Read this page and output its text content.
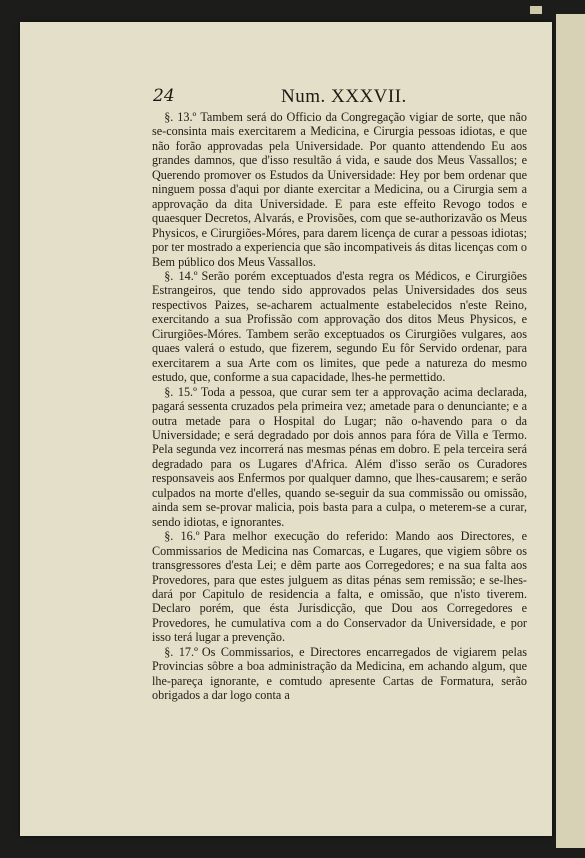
24	Num. XXXVII.

§. 13.º Tambem será do Officio da Congregação vigiar de sorte, que não se-consinta mais exercitarem a Medicina, e Cirurgia pessoas idiotas, e que não forão approvadas pela Universidade. Por quanto attendendo Eu aos grandes damnos, que d'isso resultão á vida, e saude dos Meus Vassallos; e Querendo promover os Estudos da Universidade: Hey por bem ordenar que ninguem possa d'aqui por diante exercitar a Medicina, ou a Cirurgia sem a approvação da dita Universidade. E para este effeito Revogo todos e quaesquer Decretos, Alvarás, e Provisões, com que se-authorizavão os Meus Physicos, e Cirurgiões-Móres, para darem licença de curar a pessoas idiotas; por ter mostrado a experiencia que são incompativeis ás ditas licenças com o Bem público dos Meus Vassallos.

§. 14.º Serão porém exceptuados d'esta regra os Médicos, e Cirurgiões Estrangeiros, que tendo sido approvados pelas Universidades dos seus respectivos Paizes, se-acharem actualmente estabelecidos n'este Reino, exercitando a sua Profissão com approvação dos ditos Meus Physicos, e Cirurgiões-Móres. Tambem serão exceptuados os Cirurgiões vulgares, aos quaes valerá o estudo, que fizerem, segundo Eu fôr Servido ordenar, para exercitarem a sua Arte com os limites, que pede a natureza do mesmo estudo, que, conforme a sua capacidade, lhes-he permettido.

§. 15.º Toda a pessoa, que curar sem ter a approvação acima declarada, pagará sessenta cruzados pela primeira vez; ametade para o denunciante; e a outra metade para o Hospital do Lugar; não o-havendo para o da Universidade; e será degradado por dois annos para fóra de Villa e Termo. Pela segunda vez incorrerá nas mesmas pénas em dobro. E pela terceira será degradado para os Lugares d'Africa. Além d'isso serão os Curadores responsaveis aos Enfermos por qualquer damno, que lhes-causarem; e serão culpados na morte d'elles, quando se-seguir da sua commissão ou omissão, ainda sem se-provar malicia, pois basta para a culpa, o meterem-se a curar, sendo idiotas, e ignorantes.

§. 16.º Para melhor execução do referido: Mando aos Directores, e Commissarios de Medicina nas Comarcas, e Lugares, que vigiem sôbre os transgressores d'esta Lei; e dêm parte aos Corregedores; e na sua falta aos Provedores, para que estes julguem as ditas pénas sem remissão; e se-lhes-dará por Capitulo de residencia a falta, e omissão, que n'isto tiverem. Declaro porém, que ésta Jurisdicção, que Dou aos Corregedores e Provedores, he cumulativa com a do Conservador da Universidade, e por isso terá lugar a prevenção.

§. 17.º Os Commissarios, e Directores encarregados de vigiarem pelas Provincias sôbre a boa administração da Medicina, em achando algum, que lhe-pareça ignorante, e comtudo apresente Cartas de Formatura, serão obrigados a dar logo conta a
